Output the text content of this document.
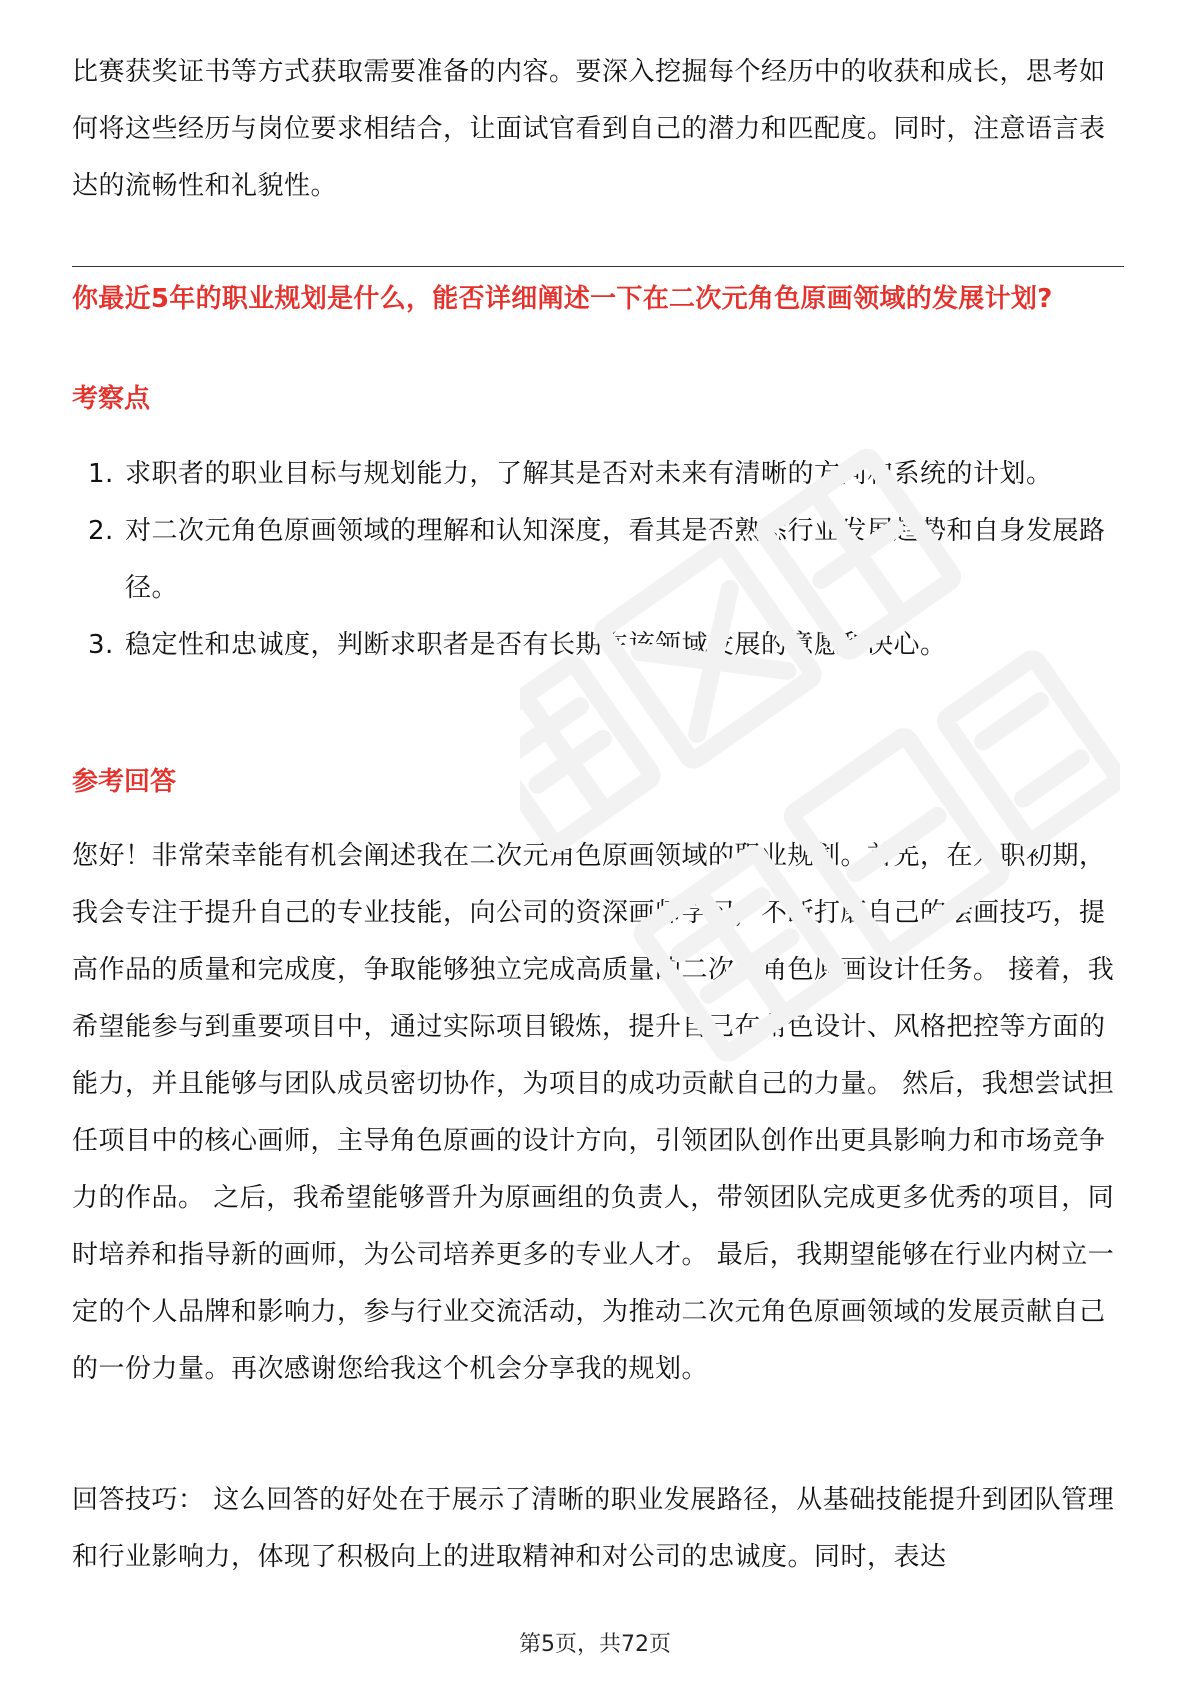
比赛获奖证书等方式获取需要准备的内容。要深入挖掘每个经历中的收获和成长，思考如何将这些经历与岗位要求相结合，让面试官看到自己的潜力和匹配度。同时，注意语言表达的流畅性和礼貌性。

你最近5年的职业规划是什么，能否详细阐述一下在二次元角色原画领域的发展计划?

考察点

1. 求职者的职业目标与规划能力，了解其是否对未来有清晰的方向和系统的计划。
2. 对二次元角色原画领域的理解和认知深度，看其是否熟悉行业发展趋势和自身发展路径。
3. 稳定性和忠诚度，判断求职者是否有长期在该领域发展的意愿和决心。

参考回答

您好！非常荣幸能有机会阐述我在二次元角色原画领域的职业规划。首先，在入职初期，我会专注于提升自己的专业技能，向公司的资深画师学习，不断打磨自己的绘画技巧，提高作品的质量和完成度，争取能够独立完成高质量的二次元角色原画设计任务。 接着，我希望能参与到重要项目中，通过实际项目锻炼，提升自己在角色设计、风格把控等方面的能力，并且能够与团队成员密切协作，为项目的成功贡献自己的力量。 然后，我想尝试担任项目中的核心画师，主导角色原画的设计方向，引领团队创作出更具影响力和市场竞争力的作品。 之后，我希望能够晋升为原画组的负责人，带领团队完成更多优秀的项目，同时培养和指导新的画师，为公司培养更多的专业人才。 最后，我期望能够在行业内树立一定的个人品牌和影响力，参与行业交流活动，为推动二次元角色原画领域的发展贡献自己的一份力量。再次感谢您给我这个机会分享我的规划。

回答技巧： 这么回答的好处在于展示了清晰的职业发展路径，从基础技能提升到团队管理和行业影响力，体现了积极向上的进取精神和对公司的忠诚度。同时，表达

第5页，共72页
